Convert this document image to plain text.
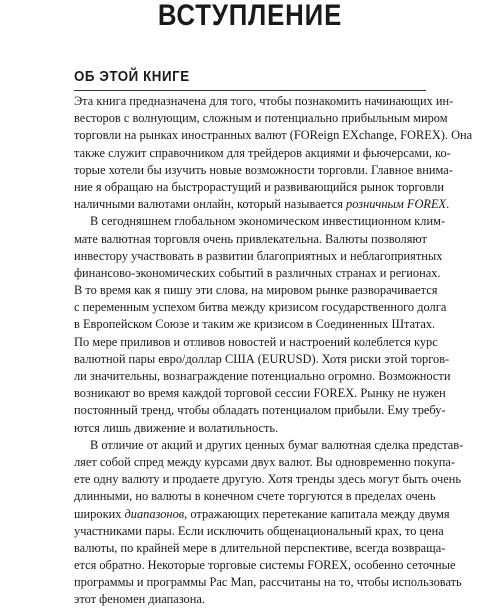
ВСТУПЛЕНИЕ
ОБ ЭТОЙ КНИГЕ
Эта книга предназначена для того, чтобы познакомить начинающих ин-
весторов с волнующим, сложным и потенциально прибыльным миром
торговли на рынках иностранных валют (FOReign EXchange, FOREX). Она
также служит справочником для трейдеров акциями и фьючерсами, ко-
торые хотели бы изучить новые возможности торговли. Главное внима-
ние я обращаю на быстрорастущий и развивающийся рынок торговли
наличными валютами онлайн, который называется розничным FOREX.
В сегодняшнем глобальном экономическом инвестиционном клим-
мате валютная торговля очень привлекательна. Валюты позволяют
инвестору участвовать в развитии благоприятных и неблагоприятных
финансово-экономических событий в различных странах и регионах.
В то время как я пишу эти слова, на мировом рынке разворачивается
с переменным успехом битва между кризисом государственного долга
в Европейском Союзе и таким же кризисом в Соединенных Штатах.
По мере приливов и отливов новостей и настроений колеблется курс
валютной пары евро/доллар США (EURUSD). Хотя риски этой торгов-
ли значительны, вознаграждение потенциально огромно. Возможности
возникают во время каждой торговой сессии FOREX. Рынку не нужен
постоянный тренд, чтобы обладать потенциалом прибыли. Ему требу-
ются лишь движение и волатильность.
В отличие от акций и других ценных бумаг валютная сделка представ-
ляет собой спред между курсами двух валют. Вы одновременно покупа-
ете одну валюту и продаете другую. Хотя тренды здесь могут быть очень
длинными, но валюты в конечном счете торгуются в пределах очень
широких диапазонов, отражающих перетекание капитала между двумя
участниками пары. Если исключить общенациональный крах, то цена
валюты, по крайней мере в длительной перспективе, всегда возвраща-
ется обратно. Некоторые торговые системы FOREX, особенно сеточные
программы и программы Pac Man, рассчитаны на то, чтобы использовать
этот феномен диапазона.
